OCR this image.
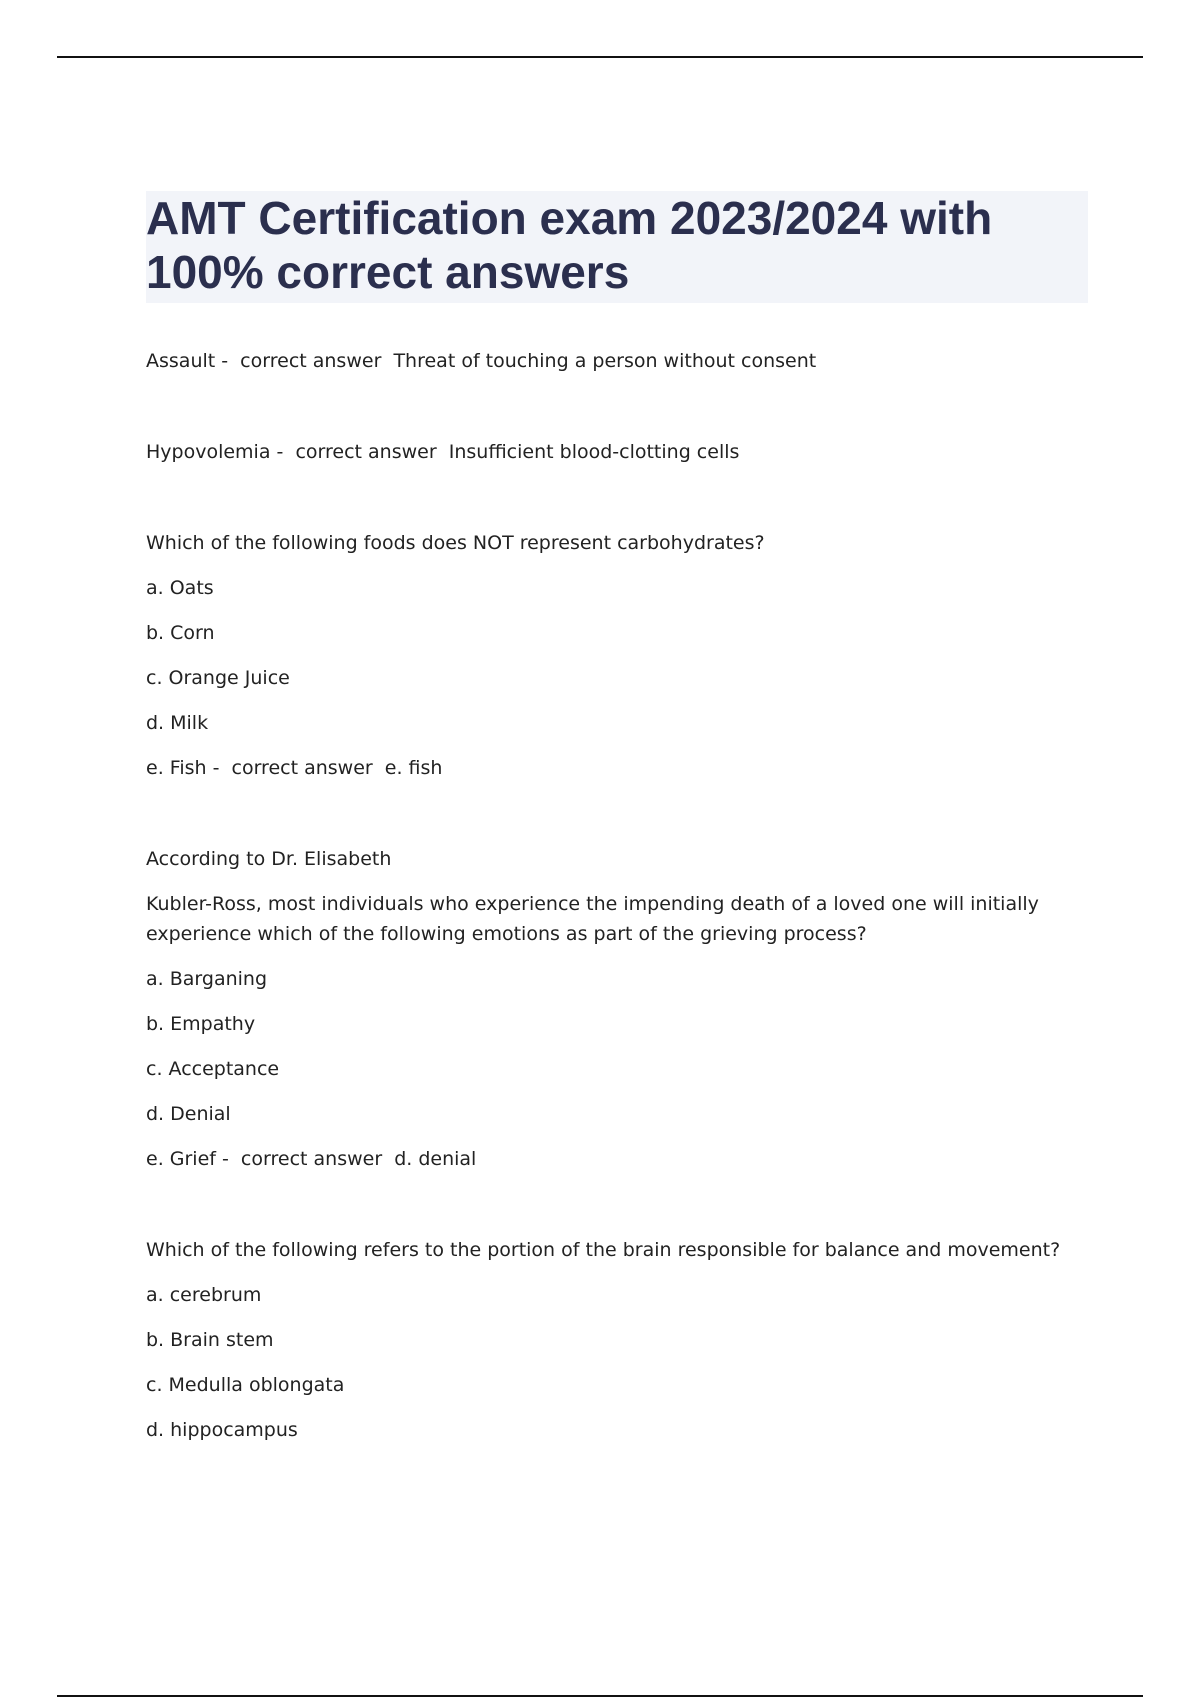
AMT Certification exam 2023/2024 with 100% correct answers

Assault -  correct answer  Threat of touching a person without consent

Hypovolemia -  correct answer  Insufficient blood-clotting cells

Which of the following foods does NOT represent carbohydrates?

a. Oats

b. Corn

c. Orange Juice

d. Milk

e. Fish -  correct answer  e. fish

According to Dr. Elisabeth

Kubler-Ross, most individuals who experience the impending death of a loved one will initially experience which of the following emotions as part of the grieving process?

a. Barganing

b. Empathy

c. Acceptance

d. Denial

e. Grief -  correct answer  d. denial

Which of the following refers to the portion of the brain responsible for balance and movement?

a. cerebrum

b. Brain stem

c. Medulla oblongata

d. hippocampus
